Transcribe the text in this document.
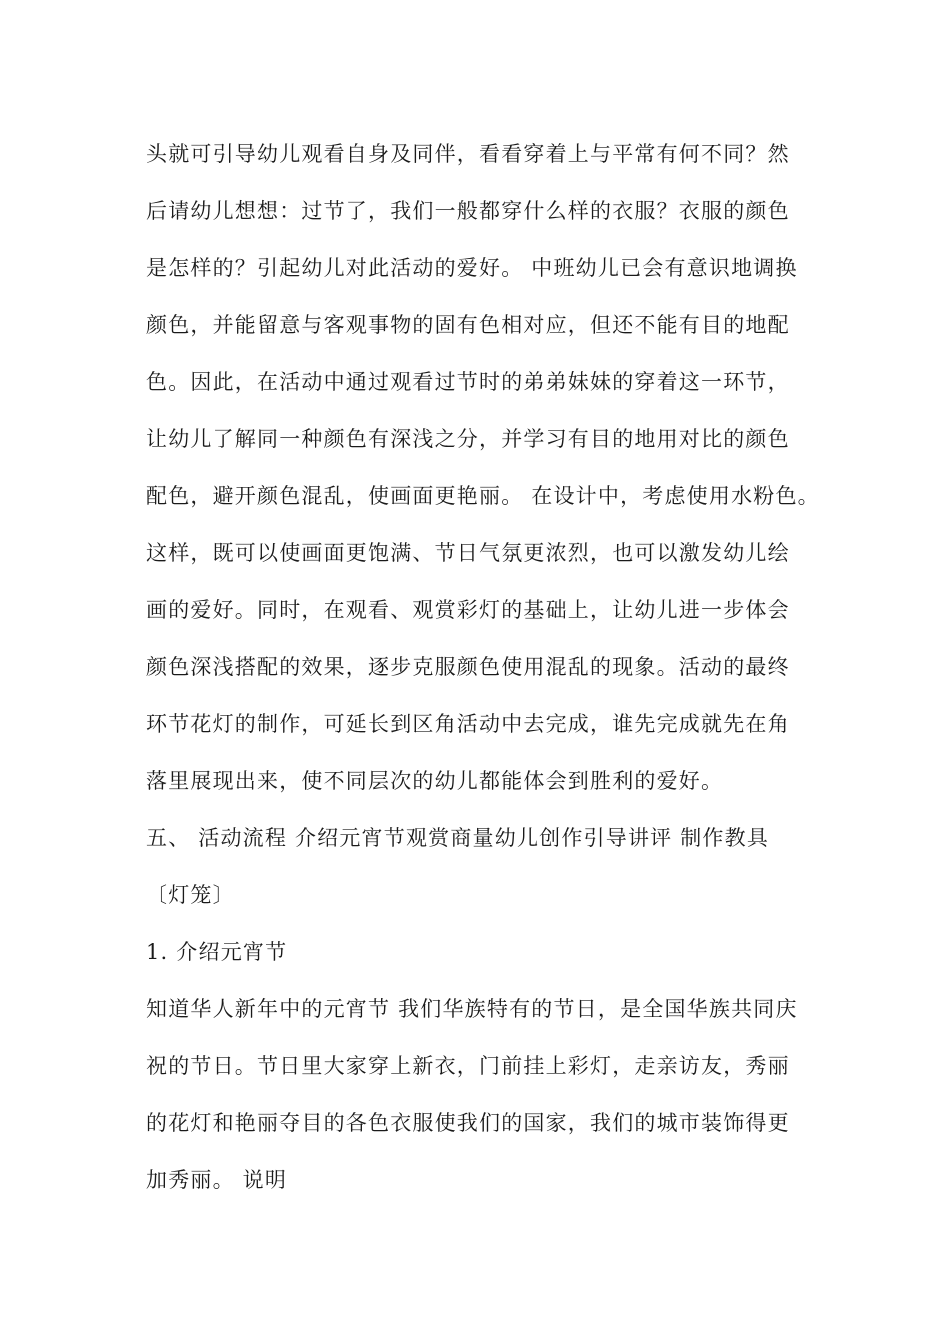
头就可引导幼儿观看自身及同伴，看看穿着上与平常有何不同？然
后请幼儿想想：过节了，我们一般都穿什么样的衣服？衣服的颜色
是怎样的？引起幼儿对此活动的爱好。 中班幼儿已会有意识地调换
颜色，并能留意与客观事物的固有色相对应，但还不能有目的地配
色。因此，在活动中通过观看过节时的弟弟妹妹的穿着这一环节，
让幼儿了解同一种颜色有深浅之分，并学习有目的地用对比的颜色
配色，避开颜色混乱，使画面更艳丽。 在设计中，考虑使用水粉色。
这样，既可以使画面更饱满、节日气氛更浓烈，也可以激发幼儿绘
画的爱好。同时，在观看、观赏彩灯的基础上，让幼儿进一步体会
颜色深浅搭配的效果，逐步克服颜色使用混乱的现象。活动的最终
环节花灯的制作，可延长到区角活动中去完成，谁先完成就先在角
落里展现出来，使不同层次的幼儿都能体会到胜利的爱好。
五、 活动流程 介绍元宵节观赏商量幼儿创作引导讲评 制作教具
〔灯笼〕
1. 介绍元宵节
知道华人新年中的元宵节 我们华族特有的节日，是全国华族共同庆
祝的节日。节日里大家穿上新衣，门前挂上彩灯，走亲访友，秀丽
的花灯和艳丽夺目的各色衣服使我们的国家，我们的城市装饰得更
加秀丽。 说明
